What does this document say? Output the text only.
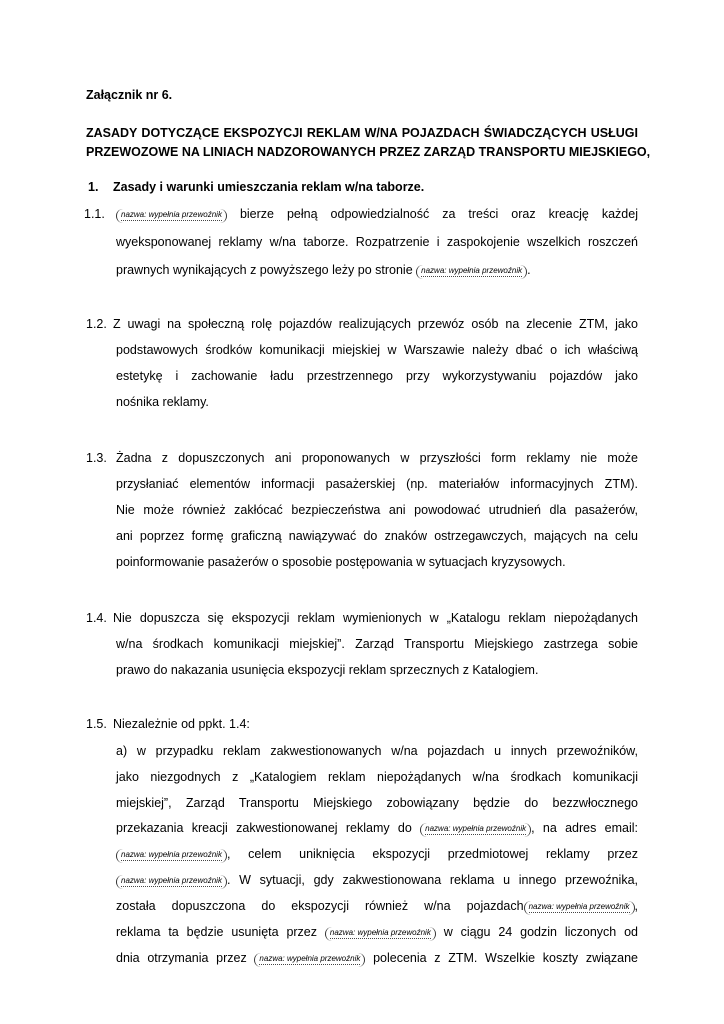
Załącznik nr 6.
ZASADY DOTYCZĄCE EKSPOZYCJI REKLAM W/NA POJAZDACH ŚWIADCZĄCYCH USŁUGI
PRZEWOZOWE NA LINIACH NADZOROWANYCH PRZEZ ZARZĄD TRANSPORTU MIEJSKIEGO,
1. Zasady i warunki umieszczania reklam w/na taborze.
1.1.	nazwa: wypełnia przewoźnik bierze pełną odpowiedzialność za treści oraz kreację każdej
wyeksponowanej reklamy w/na taborze. Rozpatrzenie i zaspokojenie wszelkich roszczeń
prawnych wynikających z powyższego leży po stronie nazwa: wypełnia przewoźnik .
1.2. Z uwagi na społeczną rolę pojazdów realizujących przewóz osób na zlecenie ZTM, jako
podstawowych środków komunikacji miejskiej w Warszawie należy dbać o ich właściwą
estetykę i zachowanie ładu przestrzennego przy wykorzystywaniu pojazdów jako
nośnika reklamy.
1.3. Żadna z dopuszczonych ani proponowanych w przyszłości form reklamy nie może
przysłaniać elementów informacji pasażerskiej (np. materiałów informacyjnych ZTM).
Nie może również zakłócać bezpieczeństwa ani powodować utrudnień dla pasażerów,
ani poprzez formę graficzną nawiązywać do znaków ostrzegawczych, mających na celu
poinformowanie pasażerów o sposobie postępowania w sytuacjach kryzysowych.
1.4. Nie dopuszcza się ekspozycji reklam wymienionych w „Katalogu reklam niepożądanych
w/na środkach komunikacji miejskiej”. Zarząd Transportu Miejskiego zastrzega sobie
prawo do nakazania usunięcia ekspozycji reklam sprzecznych z Katalogiem.
1.5. Niezależnie od ppkt. 1.4:
a) w przypadku reklam zakwestionowanych w/na pojazdach u innych przewoźników,
jako niezgodnych z „Katalogiem reklam niepożądanych w/na środkach komunikacji
miejskiej”, Zarząd Transportu Miejskiego zobowiązany będzie do bezzwłocznego
przekazania kreacji zakwestionowanej reklamy do nazwa: wypełnia przewoźnik , na adres email:
nazwa: wypełnia przewoźnik , celem uniknięcia ekspozycji przedmiotowej reklamy przez
nazwa: wypełnia przewoźnik . W sytuacji, gdy zakwestionowana reklama u innego przewoźnika,
została dopuszczona do ekspozycji również w/na pojazdach nazwa: wypełnia przewoźnik ,
reklama ta będzie usunięta przez nazwa: wypełnia przewoźnik w ciągu 24 godzin liczonych od
dnia otrzymania przez nazwa: wypełnia przewoźnik polecenia z ZTM. Wszelkie koszty związane
